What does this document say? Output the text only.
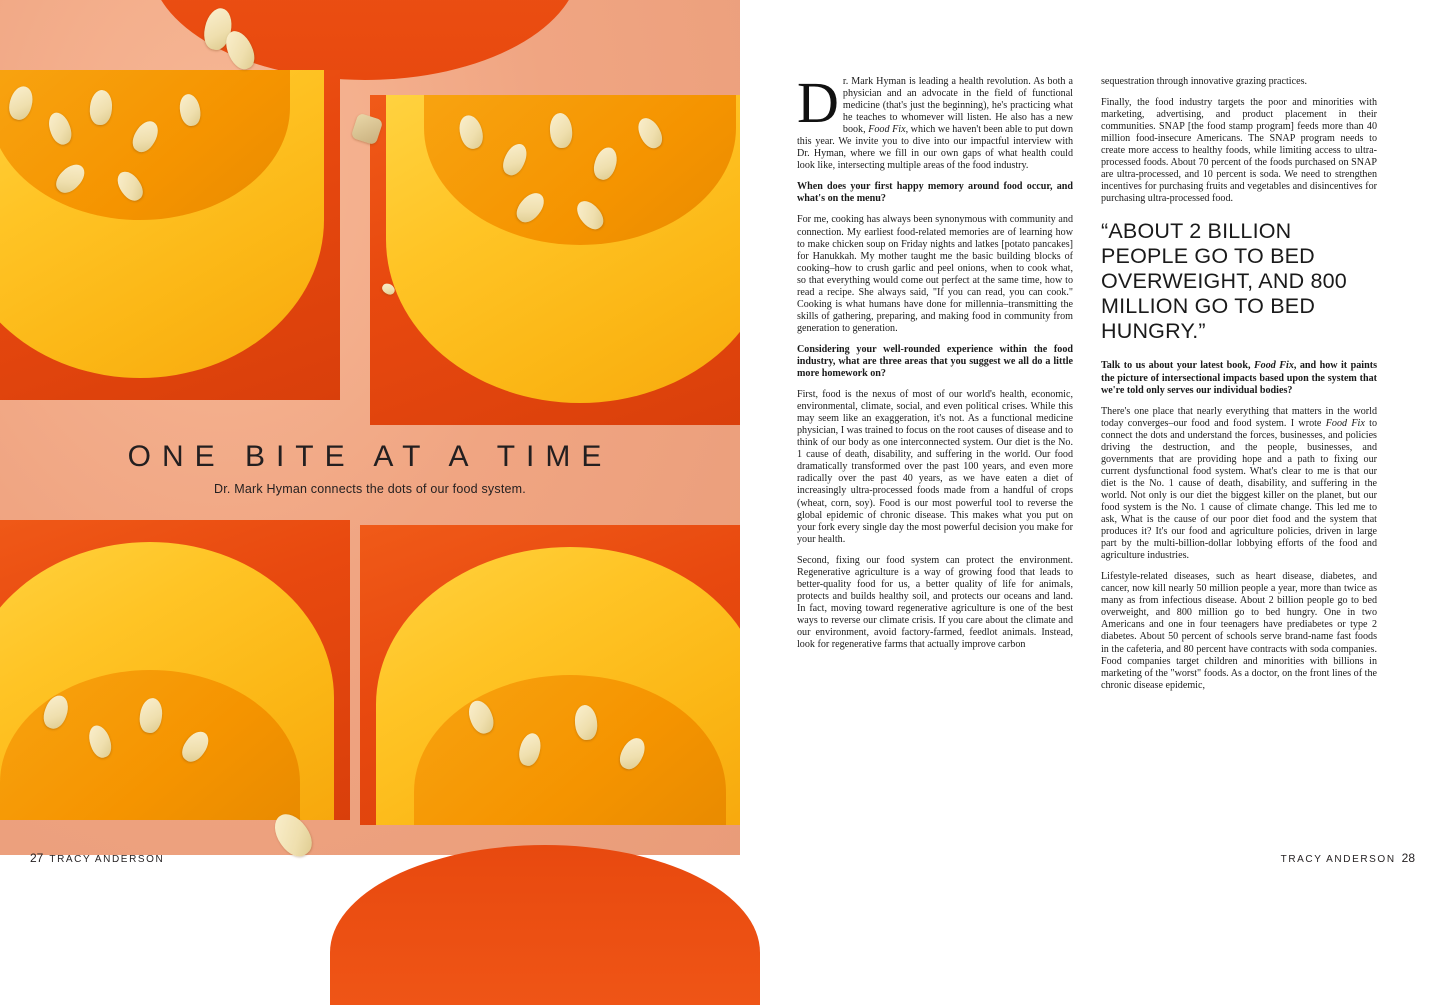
ONE BITE AT A TIME
Dr. Mark Hyman connects the dots of our food system.
27 TRACY ANDERSON

Dr. Mark Hyman is leading a health revolution. As both a physician and an advocate in the field of functional medicine (that's just the beginning), he's practicing what he teaches to whomever will listen. He also has a new book, Food Fix, which we haven't been able to put down this year. We invite you to dive into our impactful interview with Dr. Hyman, where we fill in our own gaps of what health could look like, intersecting multiple areas of the food industry.

When does your first happy memory around food occur, and what's on the menu?

For me, cooking has always been synonymous with community and connection. My earliest food-related memories are of learning how to make chicken soup on Friday nights and latkes [potato pancakes] for Hanukkah. My mother taught me the basic building blocks of cooking–how to crush garlic and peel onions, when to cook what, so that everything would come out perfect at the same time, how to read a recipe. She always said, "If you can read, you can cook." Cooking is what humans have done for millennia–transmitting the skills of gathering, preparing, and making food in community from generation to generation.

Considering your well-rounded experience within the food industry, what are three areas that you suggest we all do a little more homework on?

First, food is the nexus of most of our world's health, economic, environmental, climate, social, and even political crises. While this may seem like an exaggeration, it's not. As a functional medicine physician, I was trained to focus on the root causes of disease and to think of our body as one interconnected system. Our diet is the No. 1 cause of death, disability, and suffering in the world. Our food dramatically transformed over the past 100 years, and even more radically over the past 40 years, as we have eaten a diet of increasingly ultra-processed foods made from a handful of crops (wheat, corn, soy). Food is our most powerful tool to reverse the global epidemic of chronic disease. This makes what you put on your fork every single day the most powerful decision you make for your health.

Second, fixing our food system can protect the environment. Regenerative agriculture is a way of growing food that leads to better-quality food for us, a better quality of life for animals, protects and builds healthy soil, and protects our oceans and land. In fact, moving toward regenerative agriculture is one of the best ways to reverse our climate crisis. If you care about the climate and our environment, avoid factory-farmed, feedlot animals. Instead, look for regenerative farms that actually improve carbon

sequestration through innovative grazing practices.

Finally, the food industry targets the poor and minorities with marketing, advertising, and product placement in their communities. SNAP [the food stamp program] feeds more than 40 million food-insecure Americans. The SNAP program needs to create more access to healthy foods, while limiting access to ultra-processed foods. About 70 percent of the foods purchased on SNAP are ultra-processed, and 10 percent is soda. We need to strengthen incentives for purchasing fruits and vegetables and disincentives for purchasing ultra-processed food.

“ABOUT 2 BILLION PEOPLE GO TO BED OVERWEIGHT, AND 800 MILLION GO TO BED HUNGRY.”

Talk to us about your latest book, Food Fix, and how it paints the picture of intersectional impacts based upon the system that we're told only serves our individual bodies?

There's one place that nearly everything that matters in the world today converges–our food and food system. I wrote Food Fix to connect the dots and understand the forces, businesses, and policies driving the destruction, and the people, businesses, and governments that are providing hope and a path to fixing our current dysfunctional food system. What's clear to me is that our diet is the No. 1 cause of death, disability, and suffering in the world. Not only is our diet the biggest killer on the planet, but our food system is the No. 1 cause of climate change. This led me to ask, What is the cause of our poor diet food and the system that produces it? It's our food and agriculture policies, driven in large part by the multi-billion-dollar lobbying efforts of the food and agriculture industries.

Lifestyle-related diseases, such as heart disease, diabetes, and cancer, now kill nearly 50 million people a year, more than twice as many as from infectious disease. About 2 billion people go to bed overweight, and 800 million go to bed hungry. One in two Americans and one in four teenagers have prediabetes or type 2 diabetes. About 50 percent of schools serve brand-name fast foods in the cafeteria, and 80 percent have contracts with soda companies. Food companies target children and minorities with billions in marketing of the "worst" foods. As a doctor, on the front lines of the chronic disease epidemic,

TRACY ANDERSON 28
